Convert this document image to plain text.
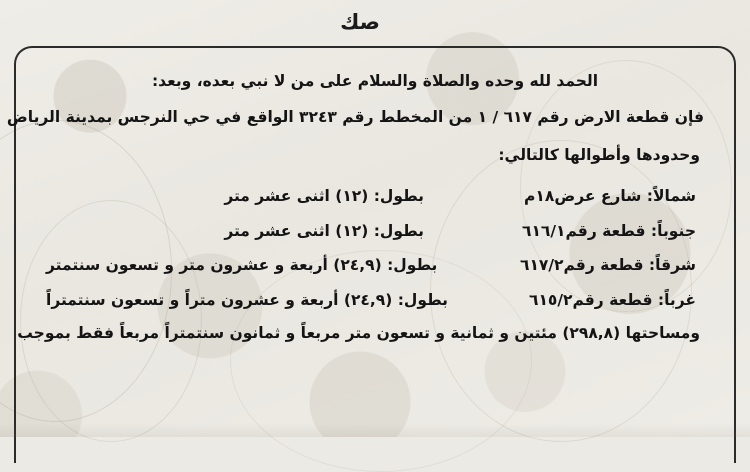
صك

الحمد لله وحده والصلاة والسلام على من لا نبي بعده، وبعد:

فإن قطعة الارض رقم ٦١٧ / ١ من المخطط رقم ٣٢٤٣ الواقع في حي النرجس بمدينة الرياض

وحدودها وأطوالها كالتالي:

شمالاً: شارع عرض١٨م
بطول: (١٢) اثنى عشر متر
جنوباً: قطعة رقم٦١٦/١
بطول: (١٢) اثنى عشر متر
شرقاً: قطعة رقم٦١٧/٢
بطول: (٢٤,٩) أربعة و عشرون متر و تسعون سنتمتر
غرباً: قطعة رقم٦١٥/٢
بطول: (٢٤,٩) أربعة و عشرون متراً و تسعون سنتمتراً

ومساحتها (٢٩٨,٨) مئتين و ثمانية و تسعون متر مربعاً و ثمانون سنتمتراً مربعاً فقط بموجب
